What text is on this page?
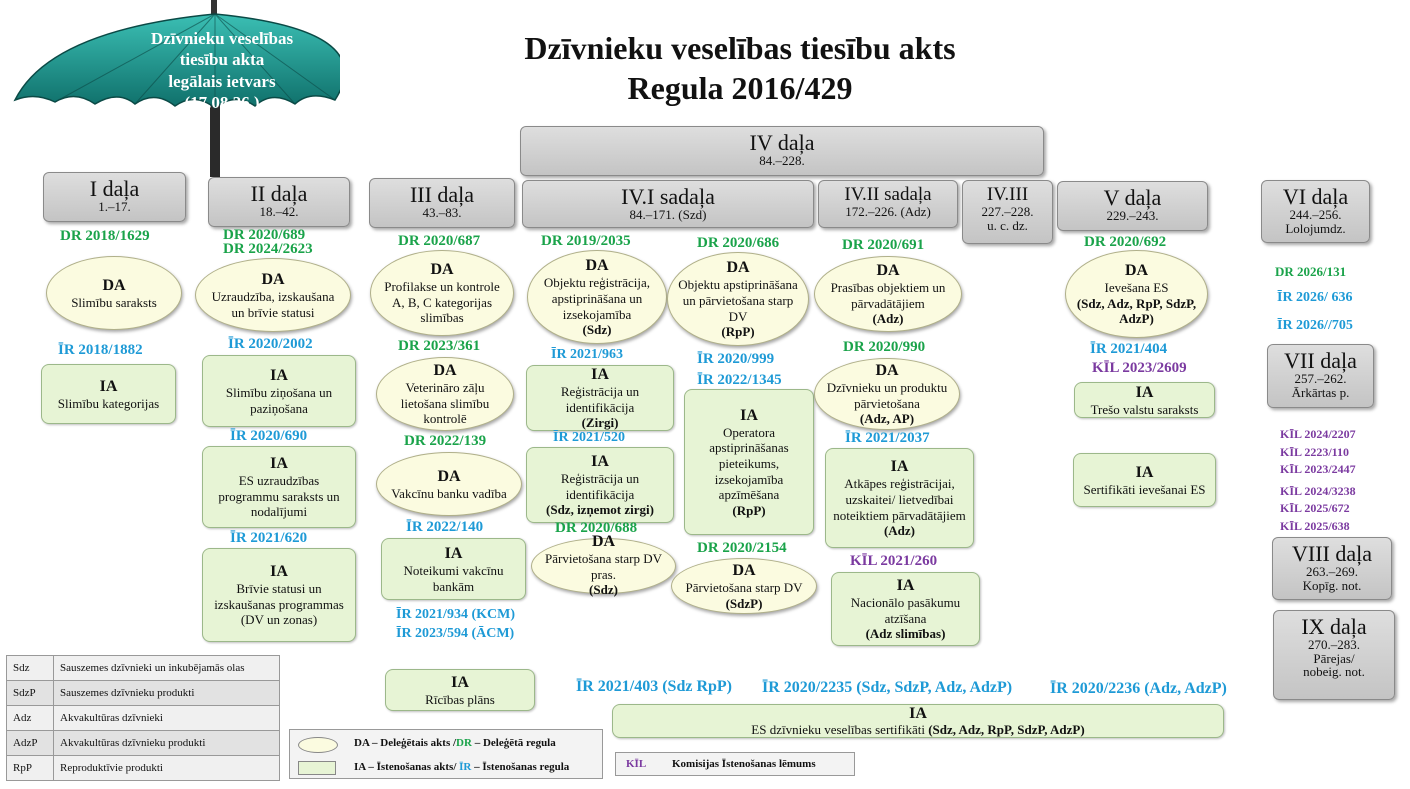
Dzīvnieku veselības
tiesību akta
legālais ietvars
(17.08.26.)
Dzīvnieku veselības tiesību akts
Regula 2016/429
IV daļa
84.–228.
I daļa
1.–17.
II daļa
18.–42.
III daļa
43.–83.
IV.I sadaļa
84.–171. (Szd)
IV.II sadaļa
172.–226. (Adz)
IV.III
227.–228.
u. c. dz.
V daļa
229.–243.
VI daļa
244.–256.
Lolojumdz.
VII daļa
257.–262.
Ārkārtas p.
VIII daļa
263.–269.
Kopīg. not.
IX daļa
270.–283.
Pārejas/
nobeig. not.
DR 2018/1629
DA
Slimību saraksts
ĪR 2018/1882
IA
Slimību kategorijas
DR 2020/689
DR 2024/2623
DA
Uzraudzība, izskaušana un brīvie statusi
ĪR 2020/2002
IA
Slimību ziņošana un paziņošana
ĪR 2020/690
IA
ES uzraudzības programmu saraksts un nodalījumi
ĪR 2021/620
IA
Brīvie statusi un izskaušanas programmas (DV un zonas)
DR 2020/687
DA
Profilakse un kontrole A, B, C kategorijas slimības
DR 2023/361
DA
Veterināro zāļu lietošana slimību kontrolē
DR 2022/139
DA
Vakcīnu banku vadība
ĪR 2022/140
IA
Noteikumi vakcīnu bankām
ĪR 2021/934 (KCM)
ĪR 2023/594 (ĀCM)
IA
Rīcības plāns
DR 2019/2035
DA
Objektu reģistrācija, apstiprināšana un izsekojamība
(Sdz)
ĪR 2021/963
IA
Reģistrācija un identifikācija
(Zirgi)
ĪR 2021/520
IA
Reģistrācija un identifikācija
(Sdz, izņemot zirgi)
DR 2020/688
DA
Pārvietošana starp DV pras.
(Sdz)
DR 2020/686
DA
Objektu apstiprināšana un pārvietošana starp DV
(RpP)
ĪR 2020/999
ĪR 2022/1345
IA
Operatora apstiprināšanas pieteikums, izsekojamība apzīmēšana
(RpP)
DR 2020/2154
DA
Pārvietošana starp DV
(SdzP)
DR 2020/691
DA
Prasības objektiem un pārvadātājiem
(Adz)
DR 2020/990
DA
Dzīvnieku un produktu pārvietošana
(Adz, AP)
ĪR 2021/2037
IA
Atkāpes reģistrācijai, uzskaitei/ lietvedībai noteiktiem pārvadātājiem
(Adz)
KĪL 2021/260
IA
Nacionālo pasākumu atzīšana
(Adz slimības)
DR 2020/692
DA
Ievešana ES
(Sdz, Adz, RpP, SdzP, AdzP)
ĪR 2021/404
KĪL 2023/2609
IA
Trešo valstu saraksts
IA
Sertifikāti ievešanai ES
DR 2026/131
ĪR 2026/ 636
ĪR 2026//705
KĪL 2024/2207
KĪL 2223/110
KĪL 2023/2447
KĪL 2024/3238
KĪL 2025/672
KĪL 2025/638
ĪR 2021/403 (Sdz RpP) ĪR 2020/2235 (Sdz, SdzP, Adz, AdzP) ĪR 2020/2236 (Adz, AdzP)
IA
ES dzīvnieku veselības sertifikāti (Sdz, Adz, RpP, SdzP, AdzP)
Sdz	Sauszemes dzīvnieki un inkubējamās olas
SdzP	Sauszemes dzīvnieku produkti
Adz	Akvakultūras dzīvnieki
AdzP	Akvakultūras dzīvnieku produkti
RpP	Reproduktīvie produkti
DA – Deleģētais akts /DR – Deleģētā regula
IA – Īstenošanas akts/ ĪR – Īstenošanas regula	KĪL Komisijas Īstenošanas lēmums
